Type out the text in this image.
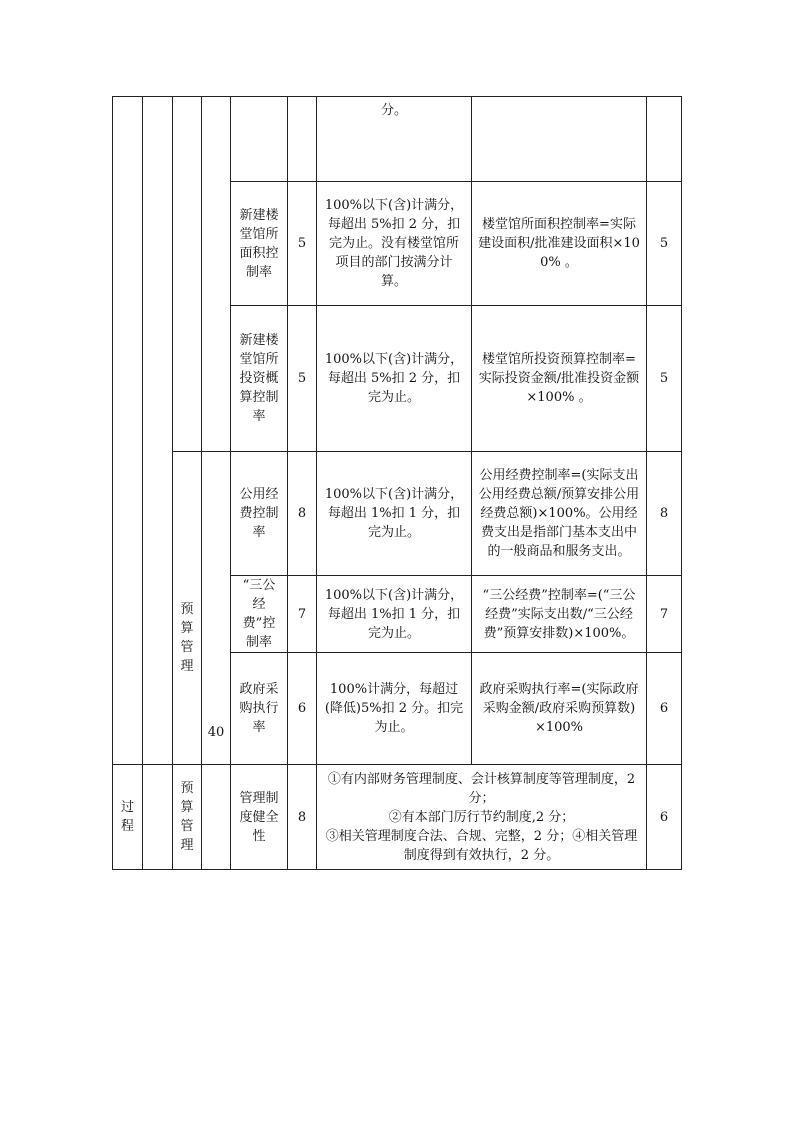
						分。		
				新建楼堂馆所面积控制率	5	100%以下(含)计满分，每超出 5%扣 2 分，扣完为止。没有楼堂馆所项目的部门按满分计算。	楼堂馆所面积控制率=实际建设面积/批准建设面积×100% 。	5
				新建楼堂馆所投资概算控制率	5	100%以下(含)计满分，每超出 5%扣 2 分，扣完为止。	楼堂馆所投资预算控制率=实际投资金额/批准投资金额×100% 。	5
		预算管理	40	公用经费控制率	8	100%以下(含)计满分，每超出 1%扣 1 分，扣完为止。	公用经费控制率=(实际支出公用经费总额/预算安排公用经费总额)×100%。公用经费支出是指部门基本支出中的一般商品和服务支出。	8
				“三公经费”控制率	7	100%以下(含)计满分，每超出 1%扣 1 分，扣完为止。	“三公经费”控制率=(“三公经费”实际支出数/“三公经费”预算安排数)×100%。	7
				政府采购执行率	6	100%计满分，每超过(降低)5%扣 2 分。扣完为止。	政府采购执行率=(实际政府采购金额/政府采购预算数)×100%	6
过程		预算管理		管理制度健全性	8	①有内部财务管理制度、会计核算制度等管理制度，2 分；
②有本部门厉行节约制度,2 分；
③相关管理制度合法、合规、完整，2 分；④相关管理制度得到有效执行，2 分。		6
